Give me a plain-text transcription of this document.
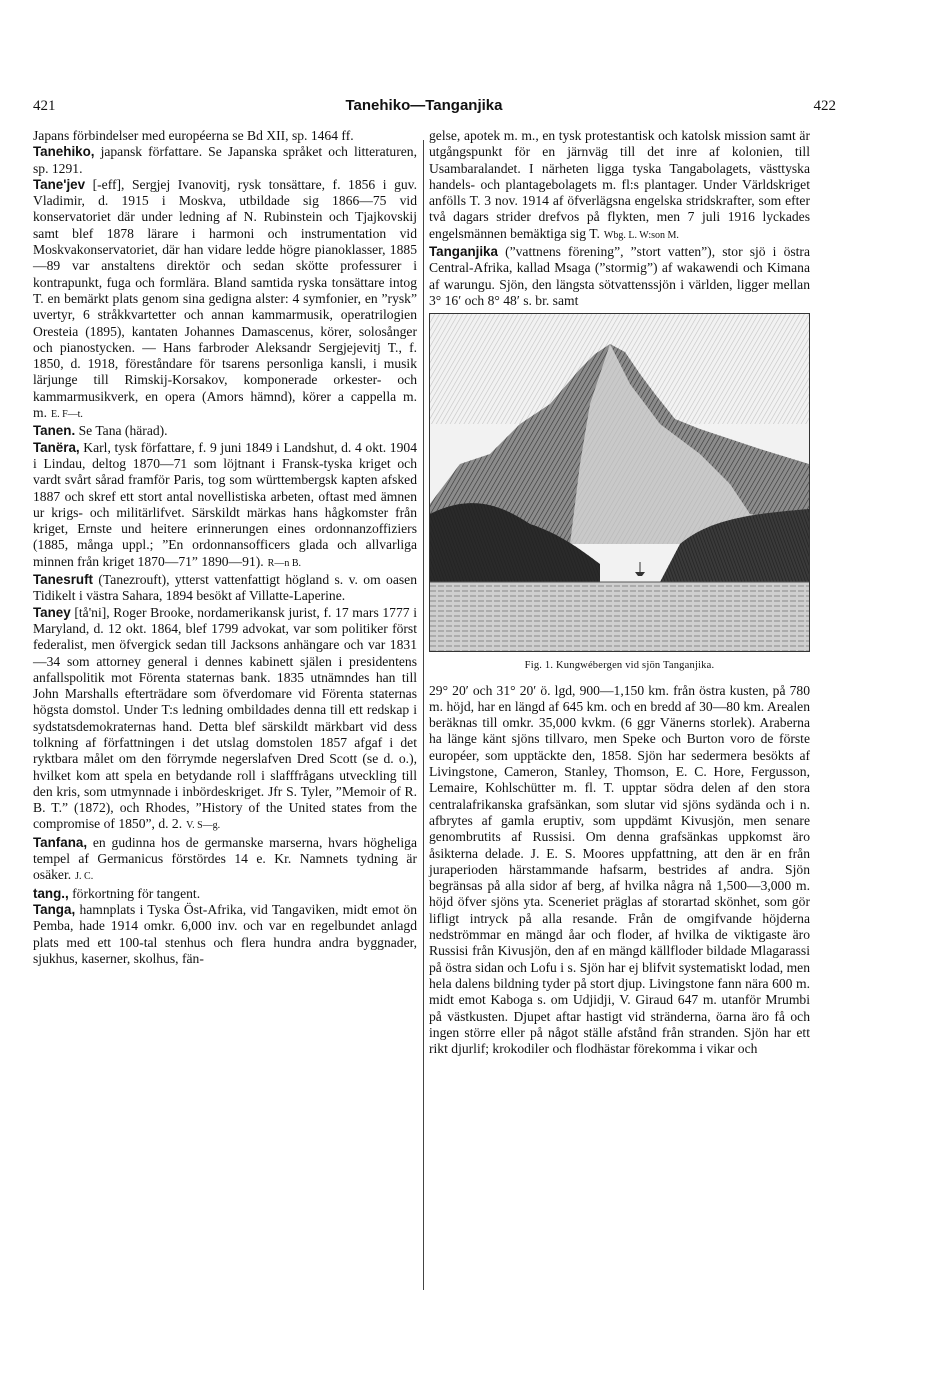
421	Tanehiko—Tanganjika	422

Japans förbindelser med européerna se Bd XII, sp. 1464 ff.

Tanehiko, japansk författare. Se Japanska språket och litteraturen, sp. 1291.

Tane'jev [-eff], Sergjej Ivanovitj, rysk tonsättare, f. 1856 i guv. Vladimir, d. 1915 i Moskva, utbildade sig 1866—75 vid konservatoriet där under ledning af N. Rubinstein och Tjajkovskij samt blef 1878 lärare i harmoni och instrumentation vid Moskvakonservatoriet, där han vidare ledde högre pianoklasser, 1885—89 var anstaltens direktör och sedan skötte professurer i kontrapunkt, fuga och formlära. Bland samtida ryska tonsättare intog T. en bemärkt plats genom sina gedigna alster: 4 symfonier, en ”rysk” uvertyr, 6 stråkkvartetter och annan kammarmusik, operatrilogien Oresteia (1895), kantaten Johannes Damascenus, körer, solosånger och pianostycken. — Hans farbroder Aleksandr Sergjejevitj T., f. 1850, d. 1918, föreståndare för tsarens personliga kansli, i musik lärjunge till Rimskij-Korsakov, komponerade orkester- och kammarmusikverk, en opera (Amors hämnd), körer a cappella m. m. E. F—t.

Tanen. Se Tana (härad).

Tanëra, Karl, tysk författare, f. 9 juni 1849 i Landshut, d. 4 okt. 1904 i Lindau, deltog 1870—71 som löjtnant i Fransk-tyska kriget och vardt svårt sårad framför Paris, tog som württembergsk kapten afsked 1887 och skref ett stort antal novellistiska arbeten, oftast med ämnen ur krigs- och militärlifvet. Särskildt märkas hans hågkomster från kriget, Ernste und heitere erinnerungen eines ordonnanzoffiziers (1885, många uppl.; ”En ordonnansofficers glada och allvarliga minnen från kriget 1870—71” 1890—91). R—n B.

Tanesruft (Tanezrouft), ytterst vattenfattigt högland s. v. om oasen Tidikelt i västra Sahara, 1894 besökt af Villatte-Laperine.

Taney [tå'ni], Roger Brooke, nordamerikansk jurist, f. 17 mars 1777 i Maryland, d. 12 okt. 1864, blef 1799 advokat, var som politiker först federalist, men öfvergick sedan till Jacksons anhängare och var 1831—34 som attorney general i dennes kabinett själen i presidentens anfallspolitik mot Förenta staternas bank. 1835 utnämndes han till John Marshalls efterträdare som öfverdomare vid Förenta staternas högsta domstol. Under T:s ledning ombildades denna till ett redskap i sydstatsdemokraternas hand. Detta blef särskildt märkbart vid dess tolkning af författningen i det utslag domstolen 1857 afgaf i det ryktbara målet om den förrymde negerslafven Dred Scott (se d. o.), hvilket kom att spela en betydande roll i slafffrågans utveckling till den kris, som utmynnade i inbördeskriget. Jfr S. Tyler, ”Memoir of R. B. T.” (1872), och Rhodes, ”History of the United states from the compromise of 1850”, d. 2. V. S—g.

Tanfana, en gudinna hos de germanske marserna, hvars högheliga tempel af Germanicus förstördes 14 e. Kr. Namnets tydning är osäker. J. C.

tang., förkortning för tangent.

Tanga, hamnplats i Tyska Öst-Afrika, vid Tangaviken, midt emot ön Pemba, hade 1914 omkr. 6,000 inv. och var en regelbundet anlagd plats med ett 100-tal stenhus och flera hundra andra byggnader, sjukhus, kaserner, skolhus, fän-

gelse, apotek m. m., en tysk protestantisk och katolsk mission samt är utgångspunkt för en järnväg till det inre af kolonien, till Usambaralandet. I närheten ligga tyska Tangabolagets, västtyska handels- och plantagebolagets m. fl:s plantager. Under Världskriget anfölls T. 3 nov. 1914 af öfverlägsna engelska stridskrafter, som efter två dagars strider drefvos på flykten, men 7 juli 1916 lyckades engelsmännen bemäktiga sig T. Wbg. L. W:son M.

Tanganjika (”vattnens förening”, ”stort vatten”), stor sjö i östra Central-Afrika, kallad Msaga (”stormig”) af wakawendi och Kimana af warungu. Sjön, den längsta sötvattenssjön i världen, ligger mellan 3° 16′ och 8° 48′ s. br. samt

Fig. 1. Kungwébergen vid sjön Tanganjika.

29° 20′ och 31° 20′ ö. lgd, 900—1,150 km. från östra kusten, på 780 m. höjd, har en längd af 645 km. och en bredd af 30—80 km. Arealen beräknas till omkr. 35,000 kvkm. (6 ggr Vänerns storlek). Araberna ha länge känt sjöns tillvaro, men Speke och Burton voro de förste européer, som upptäckte den, 1858. Sjön har sedermera besökts af Livingstone, Cameron, Stanley, Thomson, E. C. Hore, Fergusson, Lemaire, Kohlschütter m. fl. T. upptar södra delen af den stora centralafrikanska grafsänkan, som slutar vid sjöns sydända och i n. afbrytes af gamla eruptiv, som uppdämt Kivusjön, men senare genombrutits af Russisi. Om denna grafsänkas uppkomst äro åsikterna delade. J. E. S. Moores uppfattning, att den är en från juraperioden härstammande hafsarm, bestrides af andra. Sjön begränsas på alla sidor af berg, af hvilka några nå 1,500—3,000 m. höjd öfver sjöns yta. Sceneriet präglas af storartad skönhet, som gör lifligt intryck på alla resande. Från de omgifvande höjderna nedströmmar en mängd åar och floder, af hvilka de viktigaste äro Russisi från Kivusjön, den af en mängd källfloder bildade Mlagarassi på östra sidan och Lofu i s. Sjön har ej blifvit systematiskt lodad, men hela dalens bildning tyder på stort djup. Livingstone fann nära 600 m. midt emot Kaboga s. om Udjidji, V. Giraud 647 m. utanför Mrumbi på västkusten. Djupet aftar hastigt vid stränderna, öarna äro få och ingen större eller på något ställe afstånd från stranden. Sjön har ett rikt djurlif; krokodiler och flodhästar förekomma i vikar och
